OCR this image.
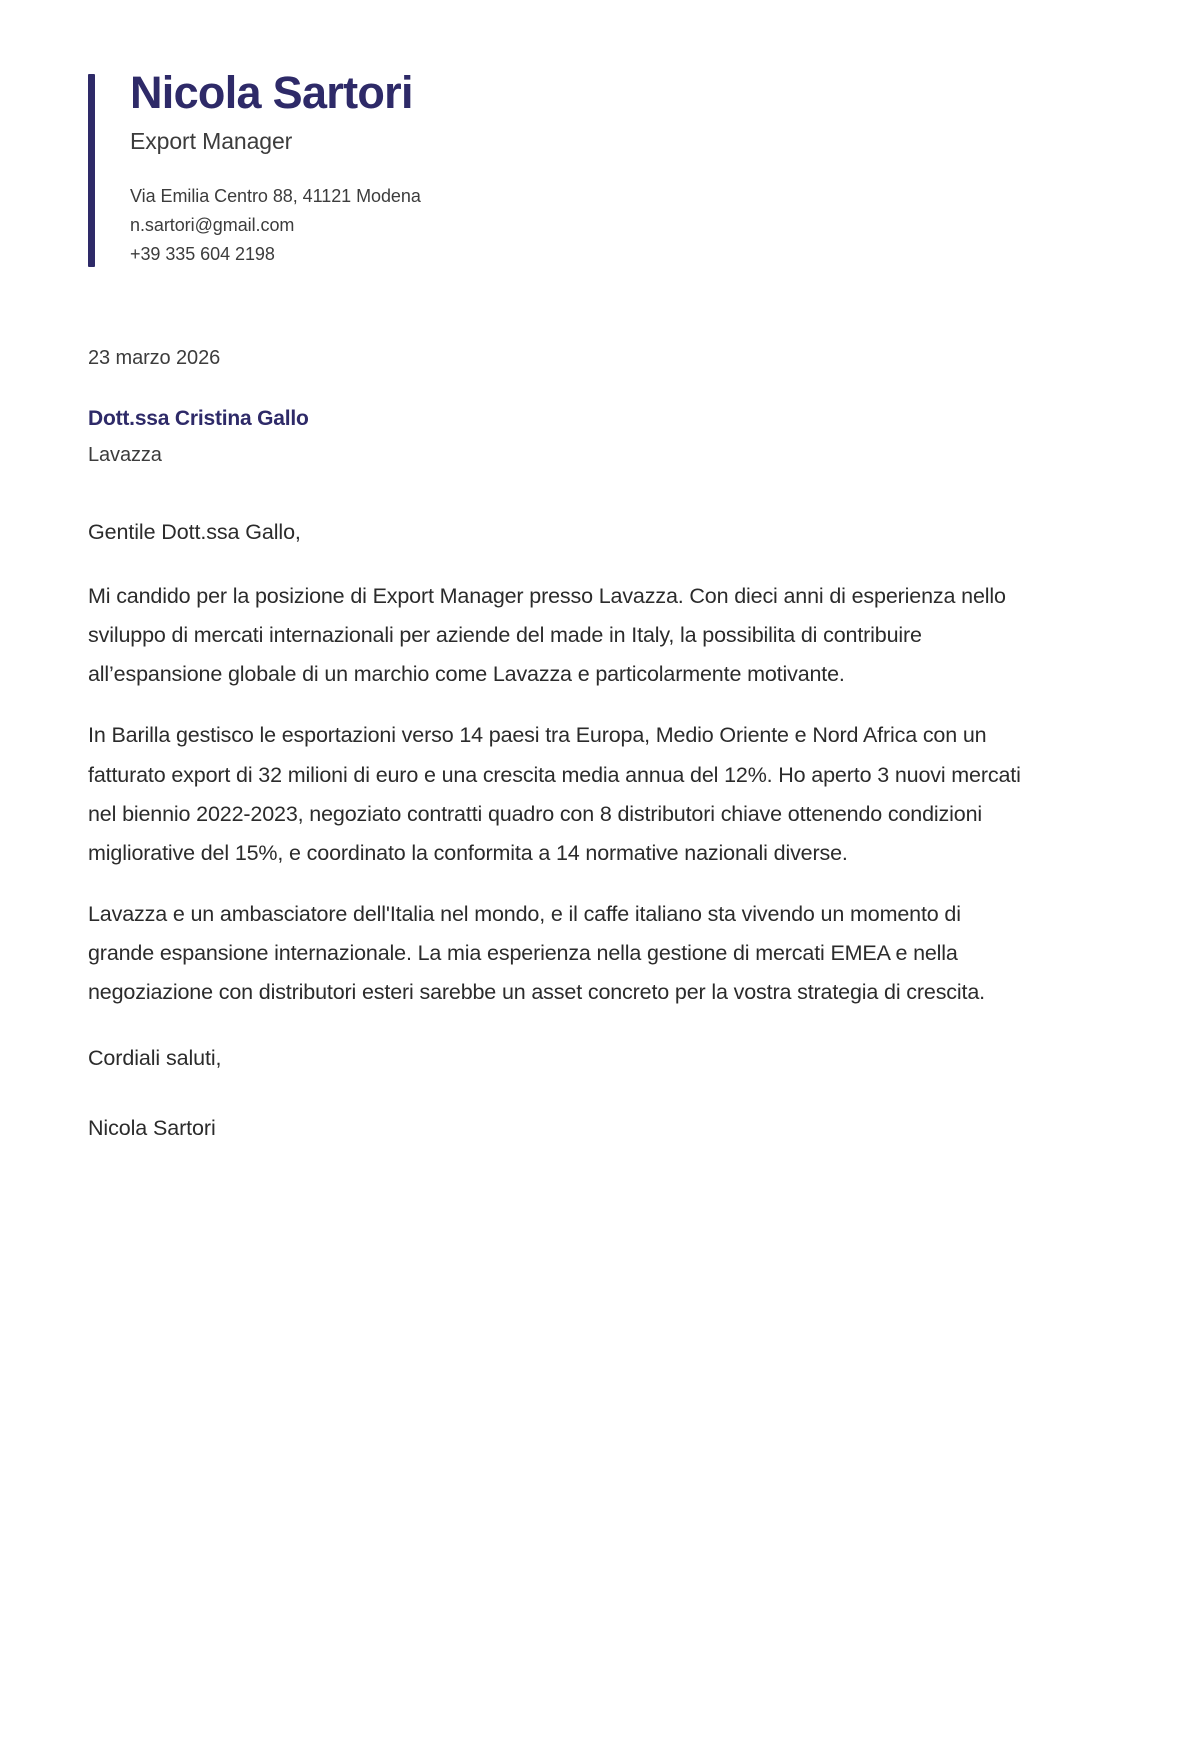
Nicola Sartori
Export Manager
Via Emilia Centro 88, 41121 Modena
n.sartori@gmail.com
+39 335 604 2198
23 marzo 2026
Dott.ssa Cristina Gallo
Lavazza

Gentile Dott.ssa Gallo,

Mi candido per la posizione di Export Manager presso Lavazza. Con dieci anni di esperienza nello sviluppo di mercati internazionali per aziende del made in Italy, la possibilita di contribuire all’espansione globale di un marchio come Lavazza e particolarmente motivante.

In Barilla gestisco le esportazioni verso 14 paesi tra Europa, Medio Oriente e Nord Africa con un fatturato export di 32 milioni di euro e una crescita media annua del 12%. Ho aperto 3 nuovi mercati nel biennio 2022-2023, negoziato contratti quadro con 8 distributori chiave ottenendo condizioni migliorative del 15%, e coordinato la conformita a 14 normative nazionali diverse.

Lavazza e un ambasciatore dell'Italia nel mondo, e il caffe italiano sta vivendo un momento di grande espansione internazionale. La mia esperienza nella gestione di mercati EMEA e nella negoziazione con distributori esteri sarebbe un asset concreto per la vostra strategia di crescita.

Cordiali saluti,

Nicola Sartori
